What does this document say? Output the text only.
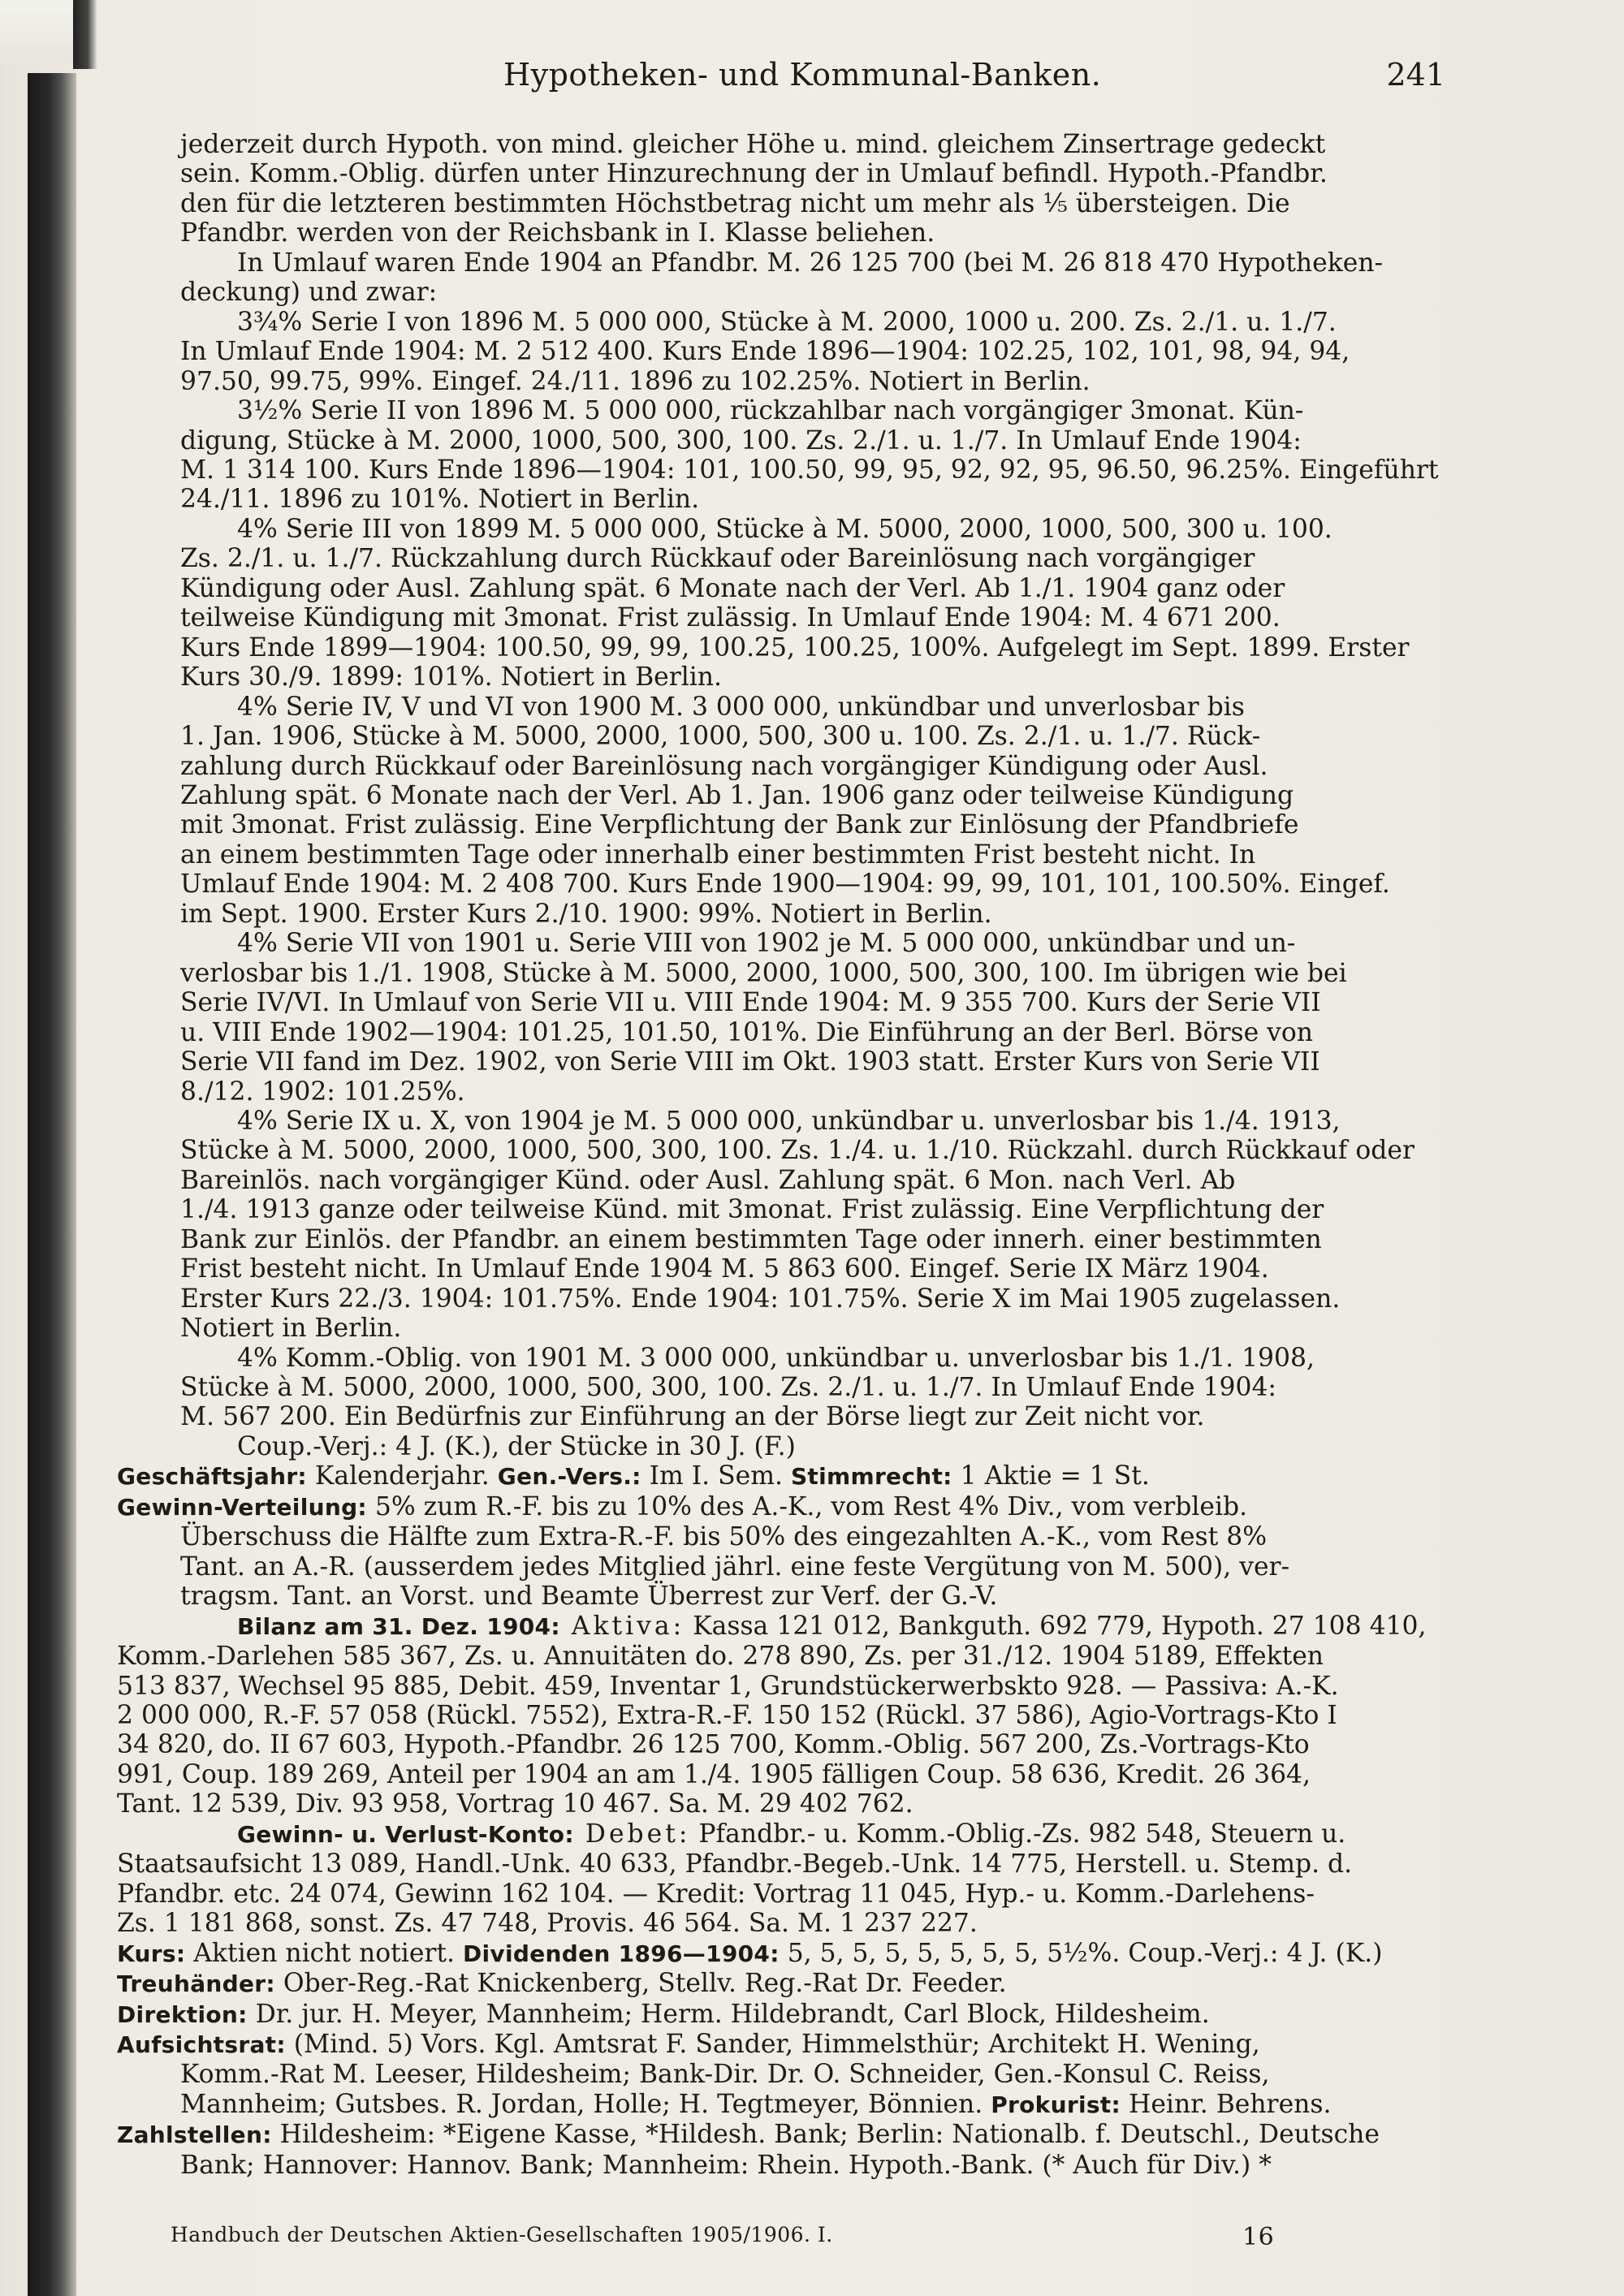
Hypotheken- und Kommunal-Banken.	241

jederzeit durch Hypoth. von mind. gleicher Höhe u. mind. gleichem Zinsertrage gedeckt

sein. Komm.-Oblig. dürfen unter Hinzurechnung der in Umlauf befindl. Hypoth.-Pfandbr.

den für die letzteren bestimmten Höchstbetrag nicht um mehr als ⅕ übersteigen. Die

Pfandbr. werden von der Reichsbank in I. Klasse beliehen.

In Umlauf waren Ende 1904 an Pfandbr. M. 26 125 700 (bei M. 26 818 470 Hypotheken-

deckung) und zwar:

3¾% Serie I von 1896 M. 5 000 000, Stücke à M. 2000, 1000 u. 200. Zs. 2./1. u. 1./7.

In Umlauf Ende 1904: M. 2 512 400. Kurs Ende 1896—1904: 102.25, 102, 101, 98, 94, 94,

97.50, 99.75, 99%. Eingef. 24./11. 1896 zu 102.25%. Notiert in Berlin.

3½% Serie II von 1896 M. 5 000 000, rückzahlbar nach vorgängiger 3monat. Kün-

digung, Stücke à M. 2000, 1000, 500, 300, 100. Zs. 2./1. u. 1./7. In Umlauf Ende 1904:

M. 1 314 100. Kurs Ende 1896—1904: 101, 100.50, 99, 95, 92, 92, 95, 96.50, 96.25%. Eingeführt

24./11. 1896 zu 101%. Notiert in Berlin.

4% Serie III von 1899 M. 5 000 000, Stücke à M. 5000, 2000, 1000, 500, 300 u. 100.

Zs. 2./1. u. 1./7. Rückzahlung durch Rückkauf oder Bareinlösung nach vorgängiger

Kündigung oder Ausl. Zahlung spät. 6 Monate nach der Verl. Ab 1./1. 1904 ganz oder

teilweise Kündigung mit 3monat. Frist zulässig. In Umlauf Ende 1904: M. 4 671 200.

Kurs Ende 1899—1904: 100.50, 99, 99, 100.25, 100.25, 100%. Aufgelegt im Sept. 1899. Erster

Kurs 30./9. 1899: 101%. Notiert in Berlin.

4% Serie IV, V und VI von 1900 M. 3 000 000, unkündbar und unverlosbar bis

1. Jan. 1906, Stücke à M. 5000, 2000, 1000, 500, 300 u. 100. Zs. 2./1. u. 1./7. Rück-

zahlung durch Rückkauf oder Bareinlösung nach vorgängiger Kündigung oder Ausl.

Zahlung spät. 6 Monate nach der Verl. Ab 1. Jan. 1906 ganz oder teilweise Kündigung

mit 3monat. Frist zulässig. Eine Verpflichtung der Bank zur Einlösung der Pfandbriefe

an einem bestimmten Tage oder innerhalb einer bestimmten Frist besteht nicht. In

Umlauf Ende 1904: M. 2 408 700. Kurs Ende 1900—1904: 99, 99, 101, 101, 100.50%. Eingef.

im Sept. 1900. Erster Kurs 2./10. 1900: 99%. Notiert in Berlin.

4% Serie VII von 1901 u. Serie VIII von 1902 je M. 5 000 000, unkündbar und un-

verlosbar bis 1./1. 1908, Stücke à M. 5000, 2000, 1000, 500, 300, 100. Im übrigen wie bei

Serie IV/VI. In Umlauf von Serie VII u. VIII Ende 1904: M. 9 355 700. Kurs der Serie VII

u. VIII Ende 1902—1904: 101.25, 101.50, 101%. Die Einführung an der Berl. Börse von

Serie VII fand im Dez. 1902, von Serie VIII im Okt. 1903 statt. Erster Kurs von Serie VII

8./12. 1902: 101.25%.

4% Serie IX u. X, von 1904 je M. 5 000 000, unkündbar u. unverlosbar bis 1./4. 1913,

Stücke à M. 5000, 2000, 1000, 500, 300, 100. Zs. 1./4. u. 1./10. Rückzahl. durch Rückkauf oder

Bareinlös. nach vorgängiger Künd. oder Ausl. Zahlung spät. 6 Mon. nach Verl. Ab

1./4. 1913 ganze oder teilweise Künd. mit 3monat. Frist zulässig. Eine Verpflichtung der

Bank zur Einlös. der Pfandbr. an einem bestimmten Tage oder innerh. einer bestimmten

Frist besteht nicht. In Umlauf Ende 1904 M. 5 863 600. Eingef. Serie IX März 1904.

Erster Kurs 22./3. 1904: 101.75%. Ende 1904: 101.75%. Serie X im Mai 1905 zugelassen.

Notiert in Berlin.

4% Komm.-Oblig. von 1901 M. 3 000 000, unkündbar u. unverlosbar bis 1./1. 1908,

Stücke à M. 5000, 2000, 1000, 500, 300, 100. Zs. 2./1. u. 1./7. In Umlauf Ende 1904:

M. 567 200. Ein Bedürfnis zur Einführung an der Börse liegt zur Zeit nicht vor.

Coup.-Verj.: 4 J. (K.), der Stücke in 30 J. (F.)

Geschäftsjahr: Kalenderjahr. Gen.-Vers.: Im I. Sem. Stimmrecht: 1 Aktie = 1 St.

Gewinn-Verteilung: 5% zum R.-F. bis zu 10% des A.-K., vom Rest 4% Div., vom verbleib.

Überschuss die Hälfte zum Extra-R.-F. bis 50% des eingezahlten A.-K., vom Rest 8%

Tant. an A.-R. (ausserdem jedes Mitglied jährl. eine feste Vergütung von M. 500), ver-

tragsm. Tant. an Vorst. und Beamte Überrest zur Verf. der G.-V.

Bilanz am 31. Dez. 1904: Aktiva: Kassa 121 012, Bankguth. 692 779, Hypoth. 27 108 410,

Komm.-Darlehen 585 367, Zs. u. Annuitäten do. 278 890, Zs. per 31./12. 1904 5189, Effekten

513 837, Wechsel 95 885, Debit. 459, Inventar 1, Grundstückerwerbskto 928. — Passiva: A.-K.

2 000 000, R.-F. 57 058 (Rückl. 7552), Extra-R.-F. 150 152 (Rückl. 37 586), Agio-Vortrags-Kto I

34 820, do. II 67 603, Hypoth.-Pfandbr. 26 125 700, Komm.-Oblig. 567 200, Zs.-Vortrags-Kto

991, Coup. 189 269, Anteil per 1904 an am 1./4. 1905 fälligen Coup. 58 636, Kredit. 26 364,

Tant. 12 539, Div. 93 958, Vortrag 10 467. Sa. M. 29 402 762.

Gewinn- u. Verlust-Konto: Debet: Pfandbr.- u. Komm.-Oblig.-Zs. 982 548, Steuern u.

Staatsaufsicht 13 089, Handl.-Unk. 40 633, Pfandbr.-Begeb.-Unk. 14 775, Herstell. u. Stemp. d.

Pfandbr. etc. 24 074, Gewinn 162 104. — Kredit: Vortrag 11 045, Hyp.- u. Komm.-Darlehens-

Zs. 1 181 868, sonst. Zs. 47 748, Provis. 46 564. Sa. M. 1 237 227.

Kurs: Aktien nicht notiert. Dividenden 1896—1904: 5, 5, 5, 5, 5, 5, 5, 5, 5½%. Coup.-Verj.: 4 J. (K.)

Treuhänder: Ober-Reg.-Rat Knickenberg, Stellv. Reg.-Rat Dr. Feeder.

Direktion: Dr. jur. H. Meyer, Mannheim; Herm. Hildebrandt, Carl Block, Hildesheim.

Aufsichtsrat: (Mind. 5) Vors. Kgl. Amtsrat F. Sander, Himmelsthür; Architekt H. Wening,

Komm.-Rat M. Leeser, Hildesheim; Bank-Dir. Dr. O. Schneider, Gen.-Konsul C. Reiss,

Mannheim; Gutsbes. R. Jordan, Holle; H. Tegtmeyer, Bönnien. Prokurist: Heinr. Behrens.

Zahlstellen: Hildesheim: *Eigene Kasse, *Hildesh. Bank; Berlin: Nationalb. f. Deutschl., Deutsche

Bank; Hannover: Hannov. Bank; Mannheim: Rhein. Hypoth.-Bank. (* Auch für Div.) *

Handbuch der Deutschen Aktien-Gesellschaften 1905/1906. I.	16
